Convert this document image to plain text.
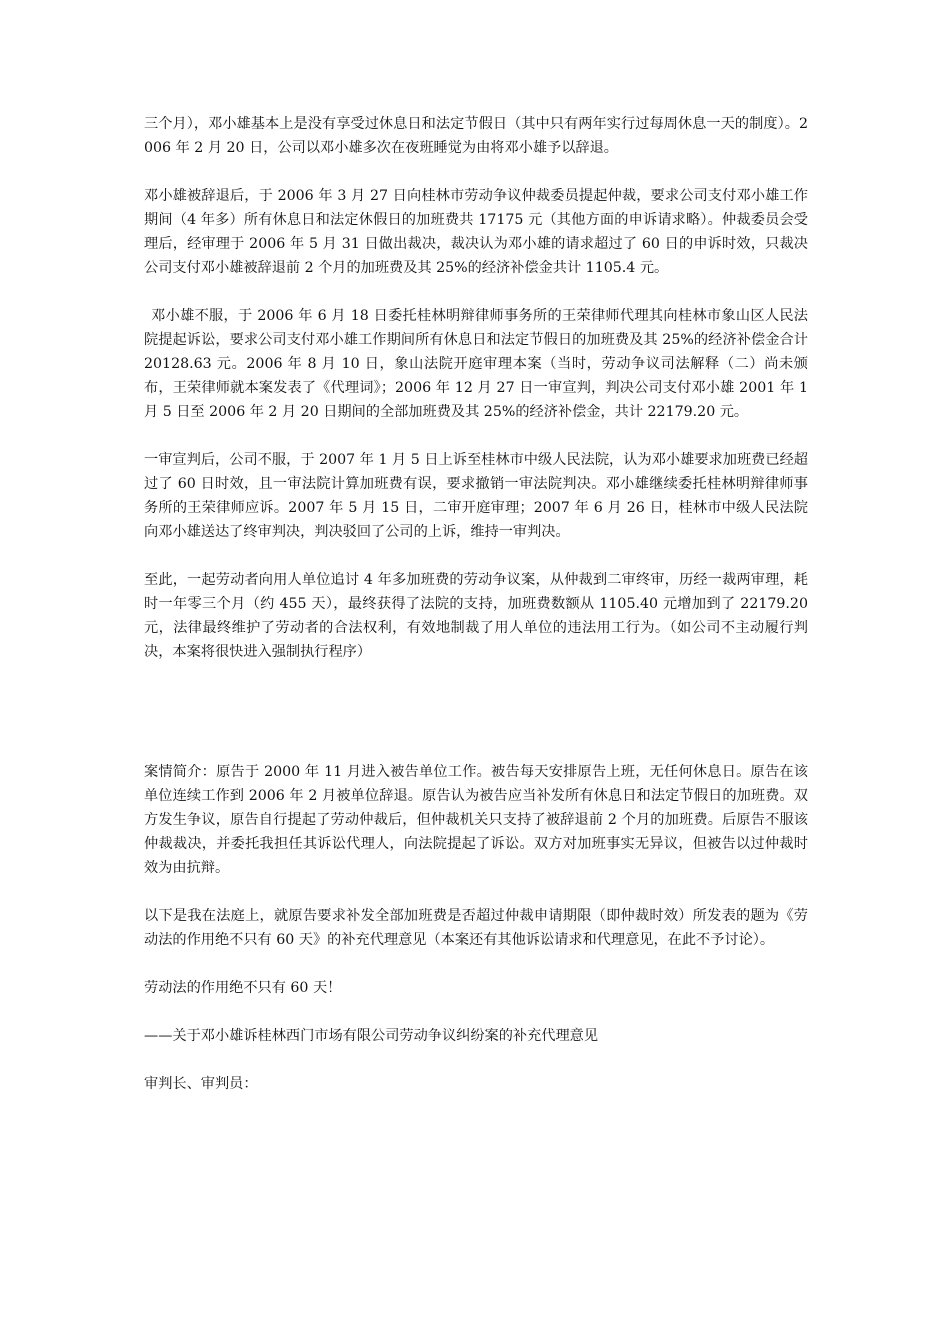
三个月），邓小雄基本上是没有享受过休息日和法定节假日（其中只有两年实行过每周休息一天的制度）。2006 年 2 月 20 日，公司以邓小雄多次在夜班睡觉为由将邓小雄予以辞退。

邓小雄被辞退后，于 2006 年 3 月 27 日向桂林市劳动争议仲裁委员提起仲裁，要求公司支付邓小雄工作期间（4 年多）所有休息日和法定休假日的加班费共 17175 元（其他方面的申诉请求略）。仲裁委员会受理后，经审理于 2006 年 5 月 31 日做出裁决，裁决认为邓小雄的请求超过了 60 日的申诉时效，只裁决公司支付邓小雄被辞退前 2 个月的加班费及其 25%的经济补偿金共计 1105.4 元。

邓小雄不服，于 2006 年 6 月 18 日委托桂林明辩律师事务所的王荣律师代理其向桂林市象山区人民法院提起诉讼，要求公司支付邓小雄工作期间所有休息日和法定节假日的加班费及其 25%的经济补偿金合计 20128.63 元。2006 年 8 月 10 日，象山法院开庭审理本案（当时，劳动争议司法解释（二）尚未颁布，王荣律师就本案发表了《代理词》；2006 年 12 月 27 日一审宣判，判决公司支付邓小雄 2001 年 1 月 5 日至 2006 年 2 月 20 日期间的全部加班费及其 25%的经济补偿金，共计 22179.20 元。

一审宣判后，公司不服，于 2007 年 1 月 5 日上诉至桂林市中级人民法院，认为邓小雄要求加班费已经超过了 60 日时效，且一审法院计算加班费有误，要求撤销一审法院判决。邓小雄继续委托桂林明辩律师事务所的王荣律师应诉。2007 年 5 月 15 日，二审开庭审理；2007 年 6 月 26 日，桂林市中级人民法院向邓小雄送达了终审判决，判决驳回了公司的上诉，维持一审判决。

至此，一起劳动者向用人单位追讨 4 年多加班费的劳动争议案，从仲裁到二审终审，历经一裁两审理，耗时一年零三个月（约 455 天），最终获得了法院的支持，加班费数额从 1105.40 元增加到了 22179.20 元，法律最终维护了劳动者的合法权利，有效地制裁了用人单位的违法用工行为。（如公司不主动履行判决，本案将很快进入强制执行程序）

案情简介：原告于 2000 年 11 月进入被告单位工作。被告每天安排原告上班，无任何休息日。原告在该单位连续工作到 2006 年 2 月被单位辞退。原告认为被告应当补发所有休息日和法定节假日的加班费。双方发生争议，原告自行提起了劳动仲裁后，但仲裁机关只支持了被辞退前 2 个月的加班费。后原告不服该仲裁裁决，并委托我担任其诉讼代理人，向法院提起了诉讼。双方对加班事实无异议，但被告以过仲裁时效为由抗辩。

以下是我在法庭上，就原告要求补发全部加班费是否超过仲裁申请期限（即仲裁时效）所发表的题为《劳动法的作用绝不只有 60 天》的补充代理意见（本案还有其他诉讼请求和代理意见，在此不予讨论）。

劳动法的作用绝不只有 60 天！

——关于邓小雄诉桂林西门市场有限公司劳动争议纠纷案的补充代理意见

审判长、审判员：
